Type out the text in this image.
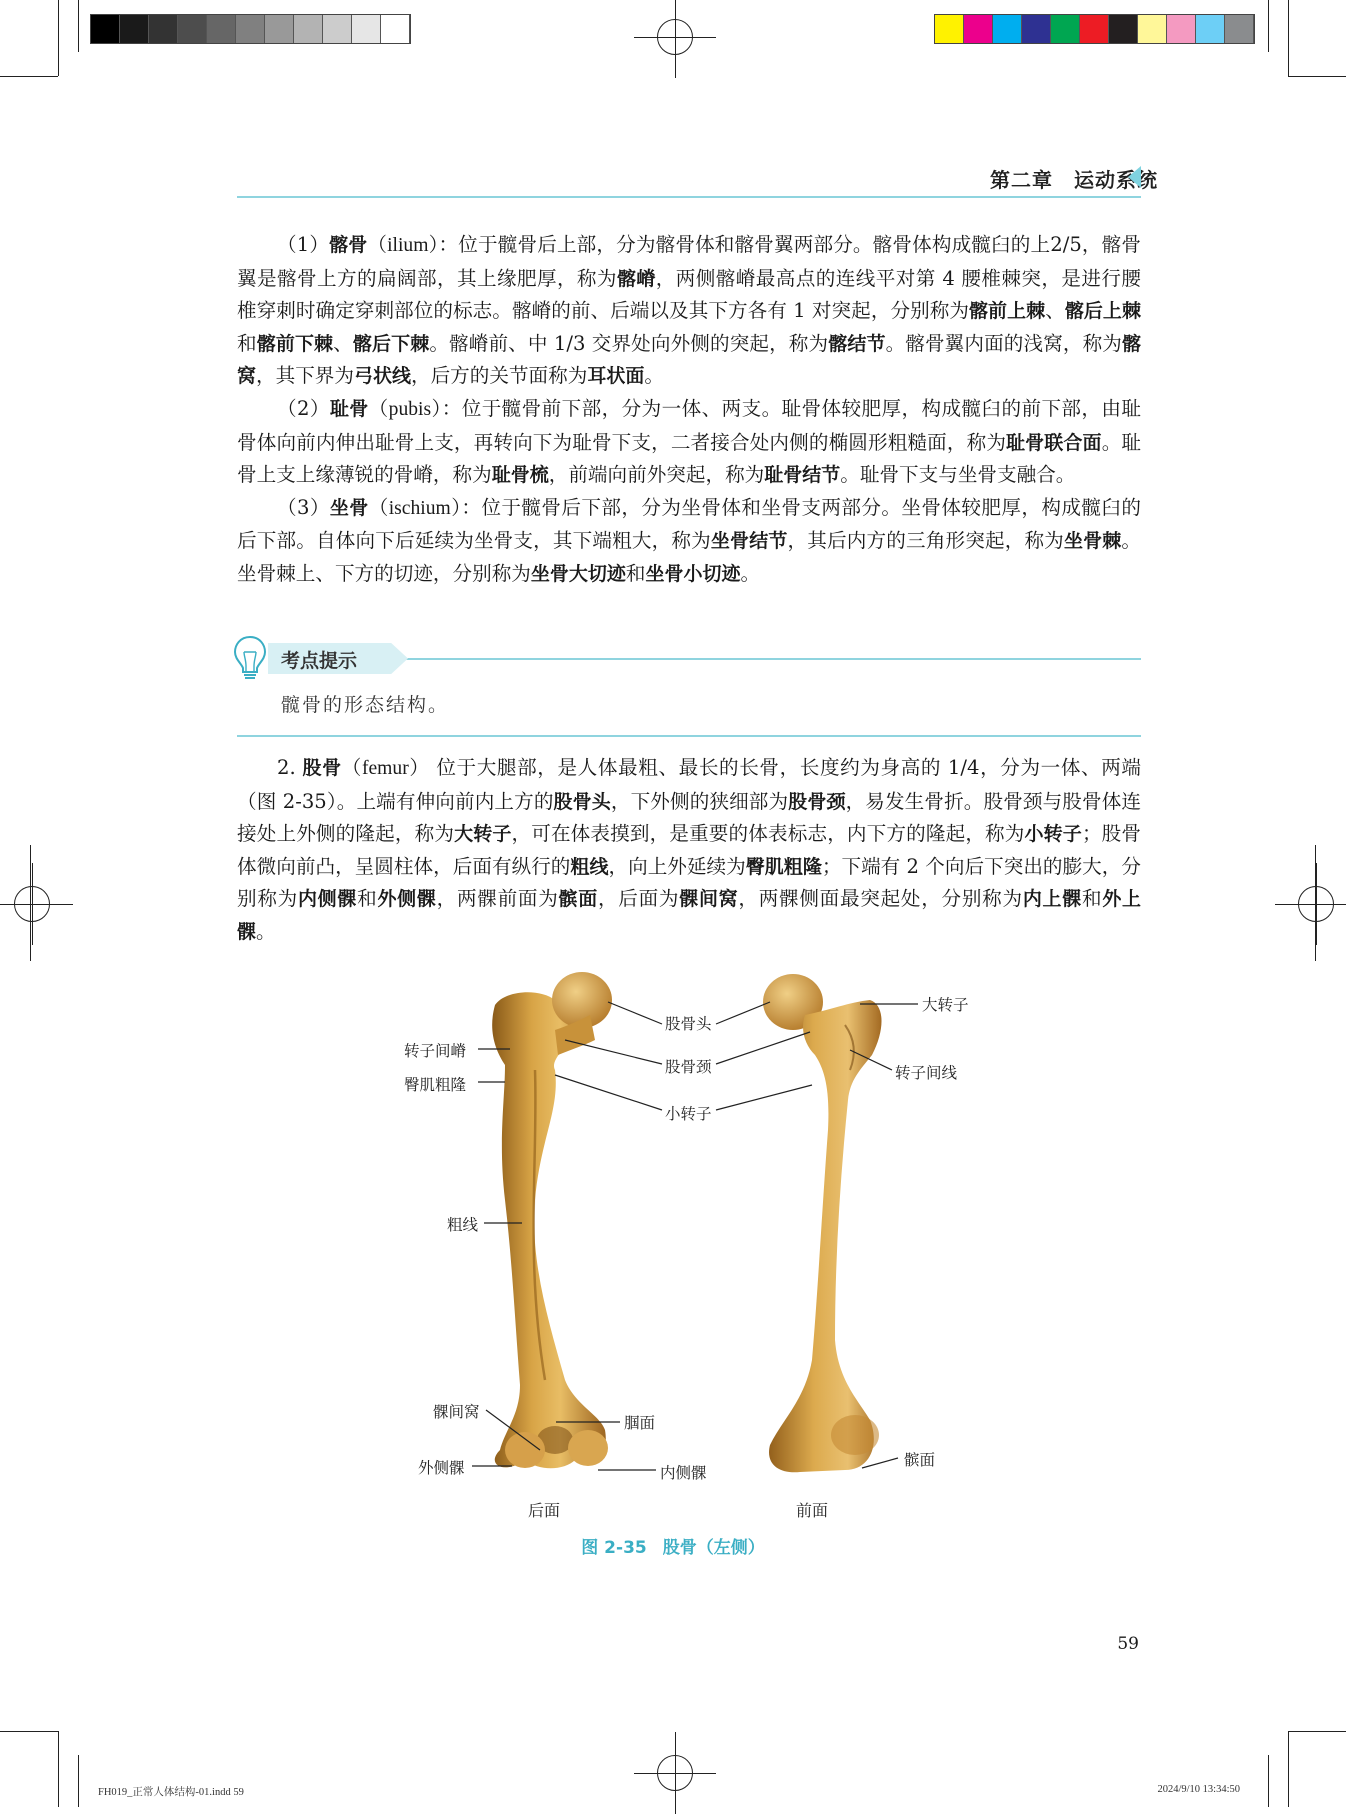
第二章　运动系统

（1）髂骨（ilium）：位于髋骨后上部，分为髂骨体和髂骨翼两部分。髂骨体构成髋臼的上2/5，髂骨翼是髂骨上方的扁阔部，其上缘肥厚，称为髂嵴，两侧髂嵴最高点的连线平对第 4 腰椎棘突，是进行腰椎穿刺时确定穿刺部位的标志。髂嵴的前、后端以及其下方各有 1 对突起，分别称为髂前上棘、髂后上棘和髂前下棘、髂后下棘。髂嵴前、中 1/3 交界处向外侧的突起，称为髂结节。髂骨翼内面的浅窝，称为髂窝，其下界为弓状线，后方的关节面称为耳状面。

（2）耻骨（pubis）：位于髋骨前下部，分为一体、两支。耻骨体较肥厚，构成髋臼的前下部，由耻骨体向前内伸出耻骨上支，再转向下为耻骨下支，二者接合处内侧的椭圆形粗糙面，称为耻骨联合面。耻骨上支上缘薄锐的骨嵴，称为耻骨梳，前端向前外突起，称为耻骨结节。耻骨下支与坐骨支融合。

（3）坐骨（ischium）：位于髋骨后下部，分为坐骨体和坐骨支两部分。坐骨体较肥厚，构成髋臼的后下部。自体向下后延续为坐骨支，其下端粗大，称为坐骨结节，其后内方的三角形突起，称为坐骨棘。坐骨棘上、下方的切迹，分别称为坐骨大切迹和坐骨小切迹。

考点提示
髋骨的形态结构。

2. 股骨（femur） 位于大腿部，是人体最粗、最长的长骨，长度约为身高的 1/4，分为一体、两端（图 2-35）。上端有伸向前内上方的股骨头，下外侧的狭细部为股骨颈，易发生骨折。股骨颈与股骨体连接处上外侧的隆起，称为大转子，可在体表摸到，是重要的体表标志，内下方的隆起，称为小转子；股骨体微向前凸，呈圆柱体，后面有纵行的粗线，向上外延续为臀肌粗隆；下端有 2 个向后下突出的膨大，分别称为内侧髁和外侧髁，两髁前面为髌面，后面为髁间窝，两髁侧面最突起处，分别称为内上髁和外上髁。

股骨头
股骨颈
小转子
大转子
转子间线
转子间嵴
臀肌粗隆
粗线
髁间窝
腘面
外侧髁	内侧髁
髌面
后面	前面
图 2-35 股骨（左侧）
59
FH019_正常人体结构-01.indd 59	2024/9/10 13:34:50
